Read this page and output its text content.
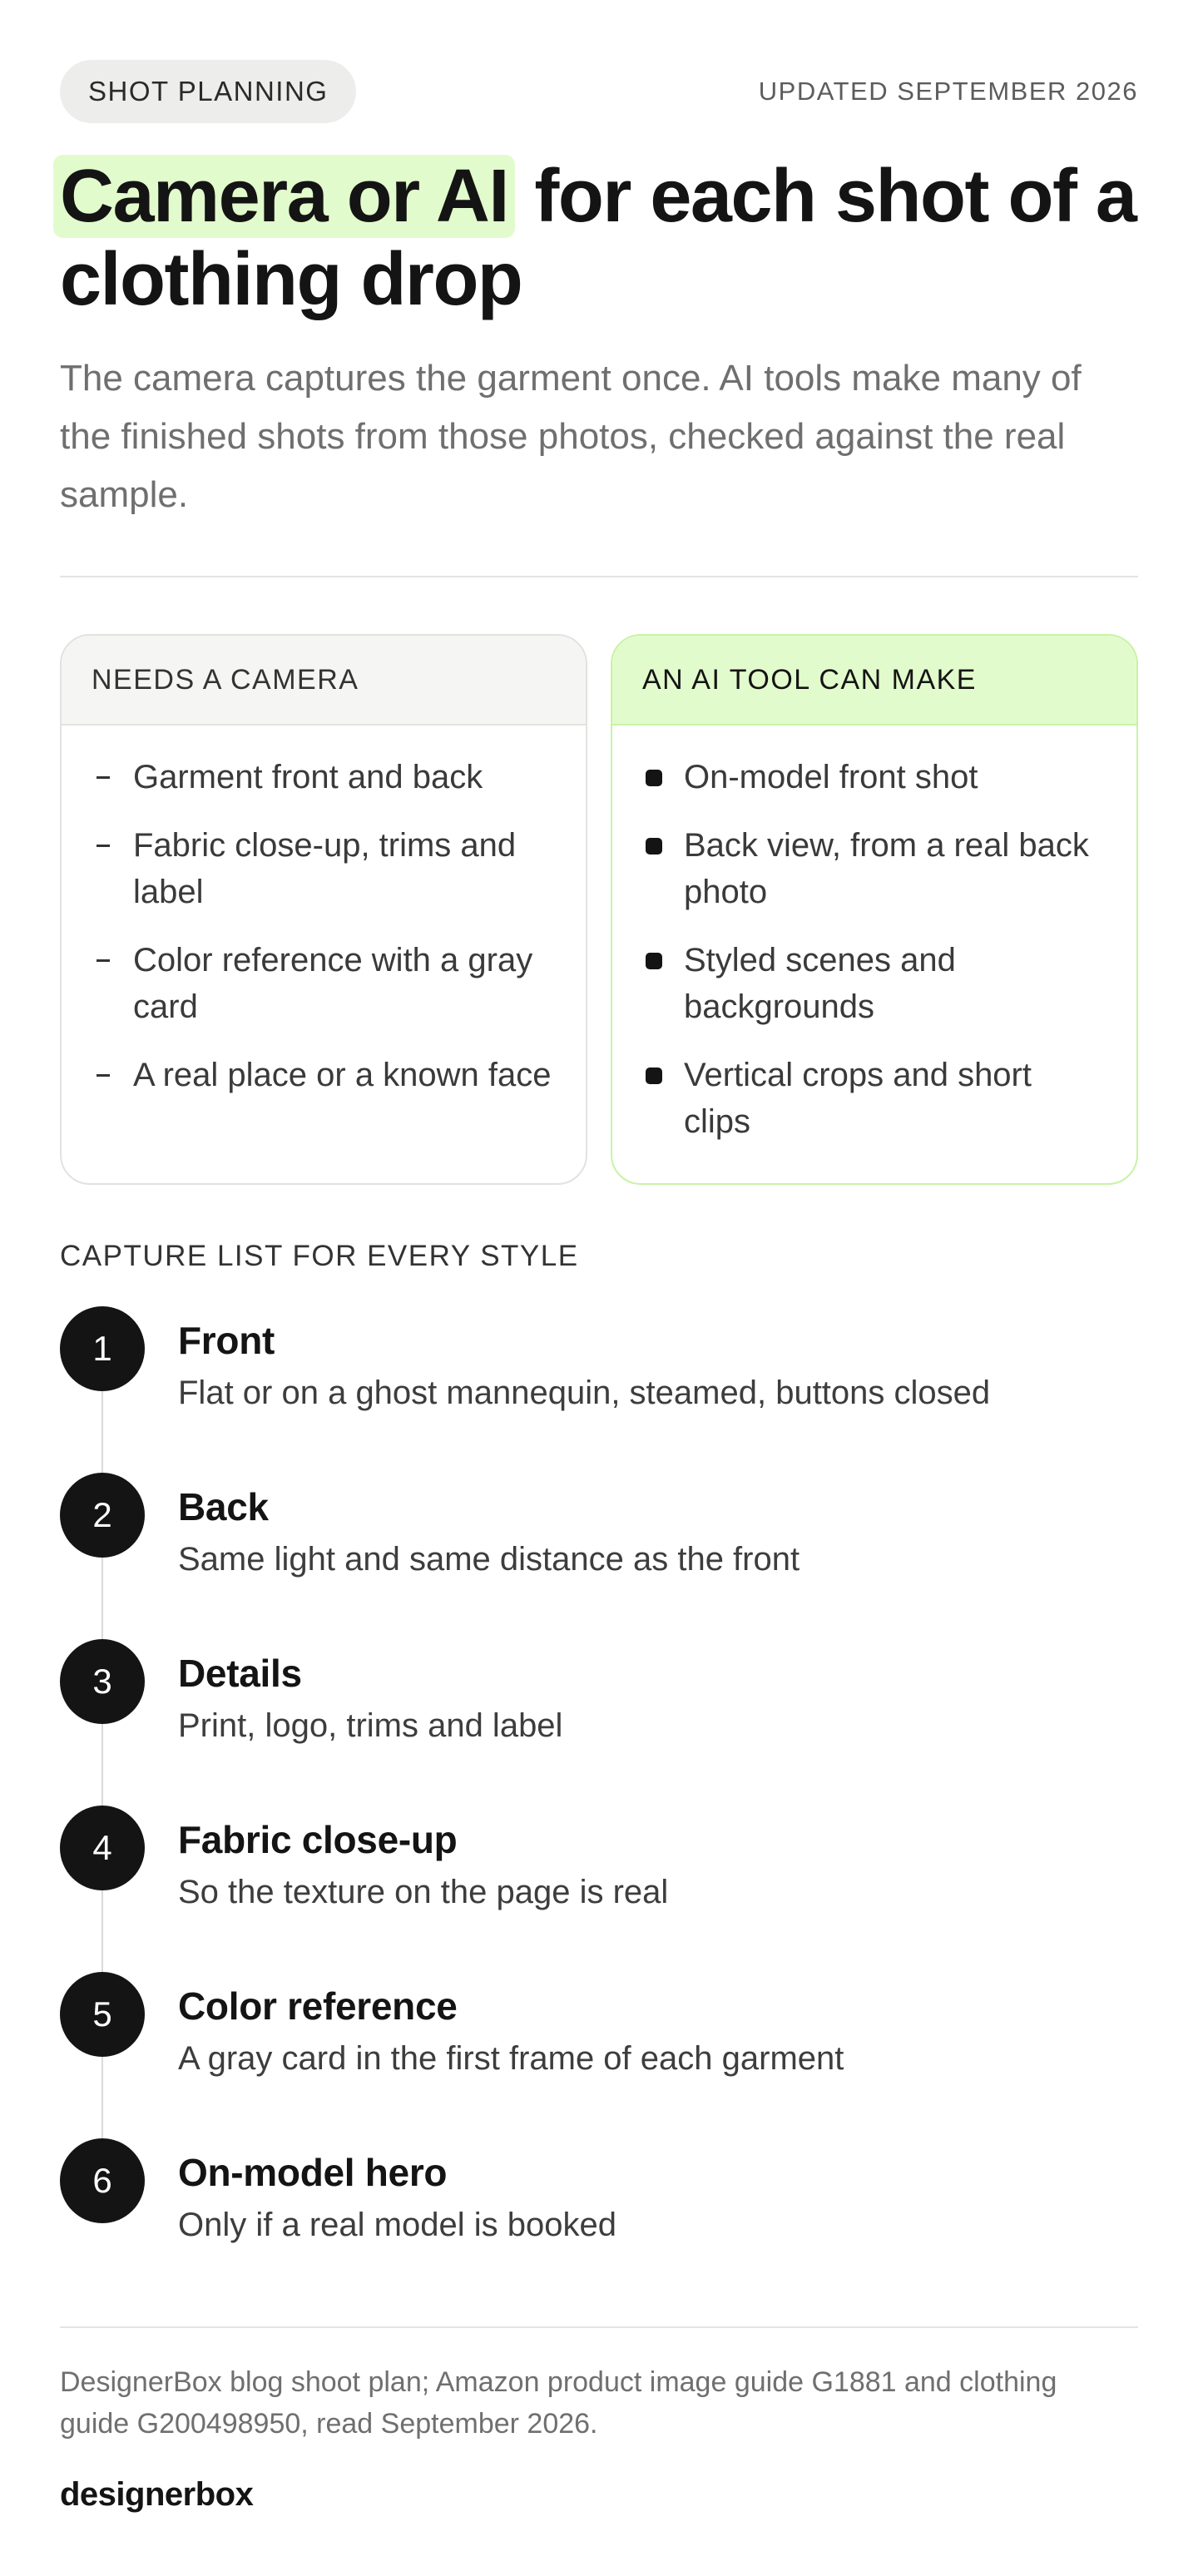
SHOT PLANNING	UPDATED SEPTEMBER 2026
Camera or AI for each shot of a clothing drop

The camera captures the garment once. AI tools make many of the finished shots from those photos, checked against the real sample.

NEEDS A CAMERA
Garment front and back
Fabric close-up, trims and label
Color reference with a gray card
A real place or a known face
AN AI TOOL CAN MAKE
On-model front shot
Back view, from a real back photo
Styled scenes and backgrounds
Vertical crops and short clips
CAPTURE LIST FOR EVERY STYLE
1	Front
Flat or on a ghost mannequin, steamed, buttons closed
2	Back
Same light and same distance as the front
3	Details
Print, logo, trims and label
4	Fabric close-up
So the texture on the page is real
5	Color reference
A gray card in the first frame of each garment
6	On-model hero
Only if a real model is booked

DesignerBox blog shoot plan; Amazon product image guide G1881 and clothing guide G200498950, read September 2026.

designerbox
